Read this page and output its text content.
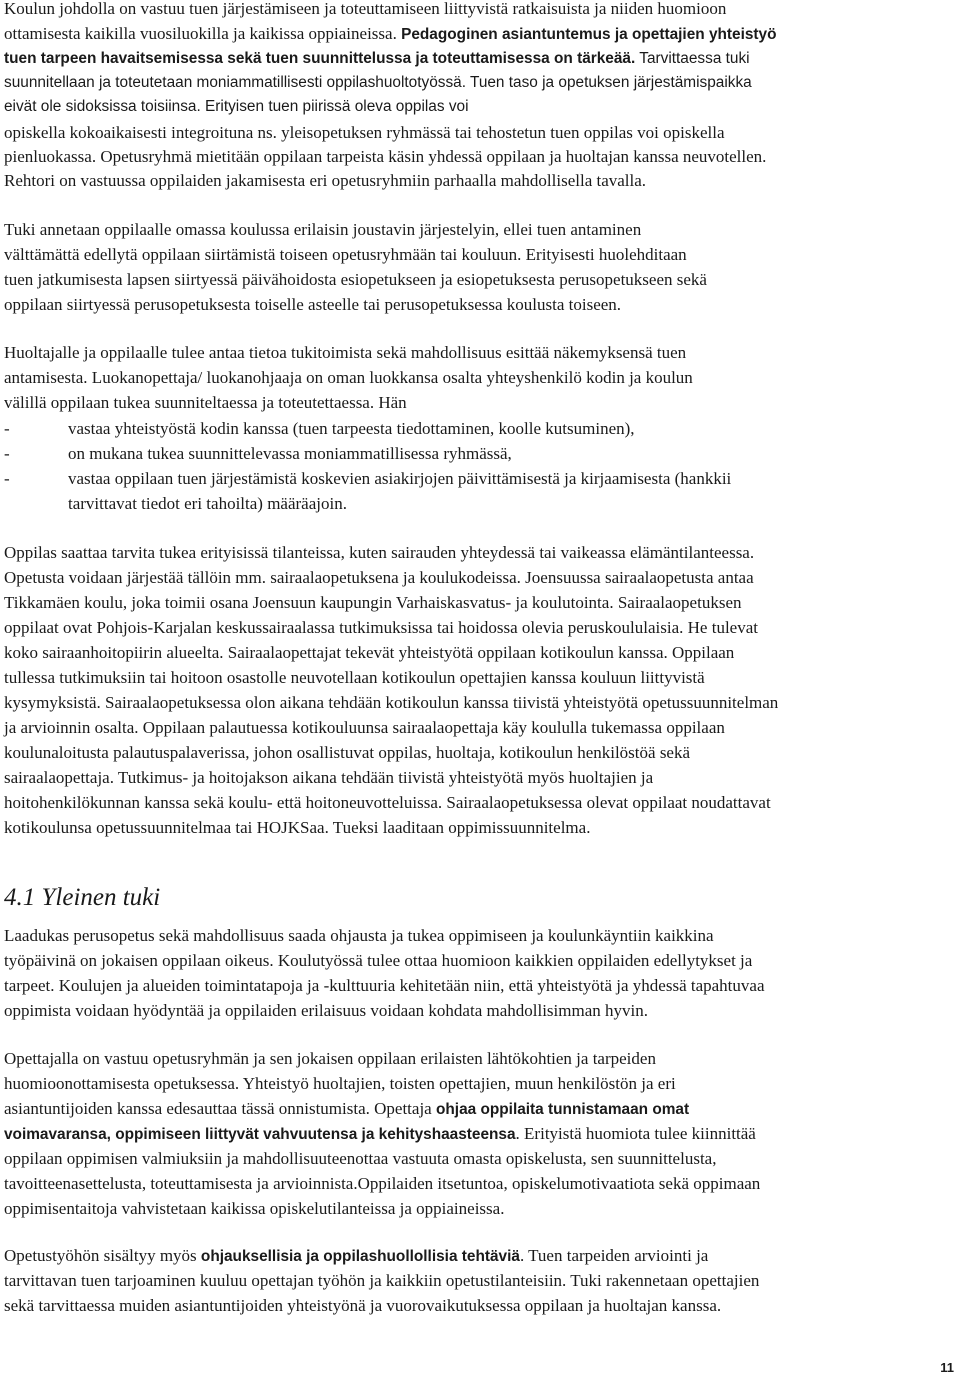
Koulun johdolla on vastuu tuen järjestämiseen ja toteuttamiseen liittyvistä ratkaisuista ja niiden huomioon
ottamisesta kaikilla vuosiluokilla ja kaikissa oppiaineissa. Pedagoginen asiantuntemus ja opettajien yhteistyö
tuen tarpeen havaitsemisessa sekä tuen suunnittelussa ja toteuttamisessa on tärkeää. Tarvittaessa tuki
suunnitellaan ja toteutetaan moniammatillisesti oppilashuoltotyössä. Tuen taso ja opetuksen järjestämispaikka
eivät ole sidoksissa toisiinsa. Erityisen tuen piirissä oleva oppilas voi
opiskella kokoaikaisesti integroituna ns. yleisopetuksen ryhmässä tai tehostetun tuen oppilas voi opiskella
pienluokassa. Opetusryhmä mietitään oppilaan tarpeista käsin yhdessä oppilaan ja huoltajan kanssa neuvotellen.
Rehtori on vastuussa oppilaiden jakamisesta eri opetusryhmiin parhaalla mahdollisella tavalla.
Tuki annetaan oppilaalle omassa koulussa erilaisin joustavin järjestelyin, ellei tuen antaminen
välttämättä edellytä oppilaan siirtämistä toiseen opetusryhmään tai kouluun. Erityisesti huolehditaan
tuen jatkumisesta lapsen siirtyessä päivähoidosta esiopetukseen ja esiopetuksesta perusopetukseen sekä
oppilaan siirtyessä perusopetuksesta toiselle asteelle tai perusopetuksessa koulusta toiseen.
Huoltajalle ja oppilaalle tulee antaa tietoa tukitoimista sekä mahdollisuus esittää näkemyksensä tuen
antamisesta. Luokanopettaja/ luokanohjaaja on oman luokkansa osalta yhteyshenkilö kodin ja koulun
välillä oppilaan tukea suunniteltaessa ja toteutettaessa. Hän
-	vastaa yhteistyöstä kodin kanssa (tuen tarpeesta tiedottaminen, koolle kutsuminen),
-	on mukana tukea suunnittelevassa moniammatillisessa ryhmässä,
-	vastaa oppilaan tuen järjestämistä koskevien asiakirjojen päivittämisestä ja kirjaamisesta (hankkii
tarvittavat tiedot eri tahoilta) määräajoin.
Oppilas saattaa tarvita tukea erityisissä tilanteissa, kuten sairauden yhteydessä tai vaikeassa elämäntilanteessa.
Opetusta voidaan järjestää tällöin mm. sairaalaopetuksena ja koulukodeissa. Joensuussa sairaalaopetusta antaa
Tikkamäen koulu, joka toimii osana Joensuun kaupungin Varhaiskasvatus- ja koulutointa. Sairaalaopetuksen
oppilaat ovat Pohjois-Karjalan keskussairaalassa tutkimuksissa tai hoidossa olevia peruskoululaisia. He tulevat
koko sairaanhoitopiirin alueelta. Sairaalaopettajat tekevät yhteistyötä oppilaan kotikoulun kanssa. Oppilaan
tullessa tutkimuksiin tai hoitoon osastolle neuvotellaan kotikoulun opettajien kanssa kouluun liittyvistä
kysymyksistä. Sairaalaopetuksessa olon aikana tehdään kotikoulun kanssa tiivistä yhteistyötä opetussuunnitelman
ja arvioinnin osalta. Oppilaan palautuessa kotikouluunsa sairaalaopettaja käy koululla tukemassa oppilaan
koulunaloitusta palautuspalaverissa, johon osallistuvat oppilas, huoltaja, kotikoulun henkilöstöä sekä
sairaalaopettaja. Tutkimus- ja hoitojakson aikana tehdään tiivistä yhteistyötä myös huoltajien ja
hoitohenkilökunnan kanssa sekä koulu- että hoitoneuvotteluissa. Sairaalaopetuksessa olevat oppilaat noudattavat
kotikoulunsa opetussuunnitelmaa tai HOJKSaa. Tueksi laaditaan oppimissuunnitelma.
4.1 Yleinen tuki
Laadukas perusopetus sekä mahdollisuus saada ohjausta ja tukea oppimiseen ja koulunkäyntiin kaikkina
työpäivinä on jokaisen oppilaan oikeus. Koulutyössä tulee ottaa huomioon kaikkien oppilaiden edellytykset ja
tarpeet. Koulujen ja alueiden toimintatapoja ja -kulttuuria kehitetään niin, että yhteistyötä ja yhdessä tapahtuvaa
oppimista voidaan hyödyntää ja oppilaiden erilaisuus voidaan kohdata mahdollisimman hyvin.
Opettajalla on vastuu opetusryhmän ja sen jokaisen oppilaan erilaisten lähtökohtien ja tarpeiden
huomioonottamisesta opetuksessa. Yhteistyö huoltajien, toisten opettajien, muun henkilöstön ja eri
asiantuntijoiden kanssa edesauttaa tässä onnistumista. Opettaja ohjaa oppilaita tunnistamaan omat
voimavaransa, oppimiseen liittyvät vahvuutensa ja kehityshaasteensa. Erityistä huomiota tulee kiinnittää
oppilaan oppimisen valmiuksiin ja mahdollisuuteenottaa vastuuta omasta opiskelusta, sen suunnittelusta,
tavoitteenasettelusta, toteuttamisesta ja arvioinnista.Oppilaiden itsetuntoa, opiskelumotivaatiota sekä oppimaan
oppimisentaitoja vahvistetaan kaikissa opiskelutilanteissa ja oppiaineissa.
Opetustyöhön sisältyy myös ohjauksellisia ja oppilashuollollisia tehtäviä. Tuen tarpeiden arviointi ja
tarvittavan tuen tarjoaminen kuuluu opettajan työhön ja kaikkiin opetustilanteisiin. Tuki rakennetaan opettajien
sekä tarvittaessa muiden asiantuntijoiden yhteistyönä ja vuorovaikutuksessa oppilaan ja huoltajan kanssa.
11
